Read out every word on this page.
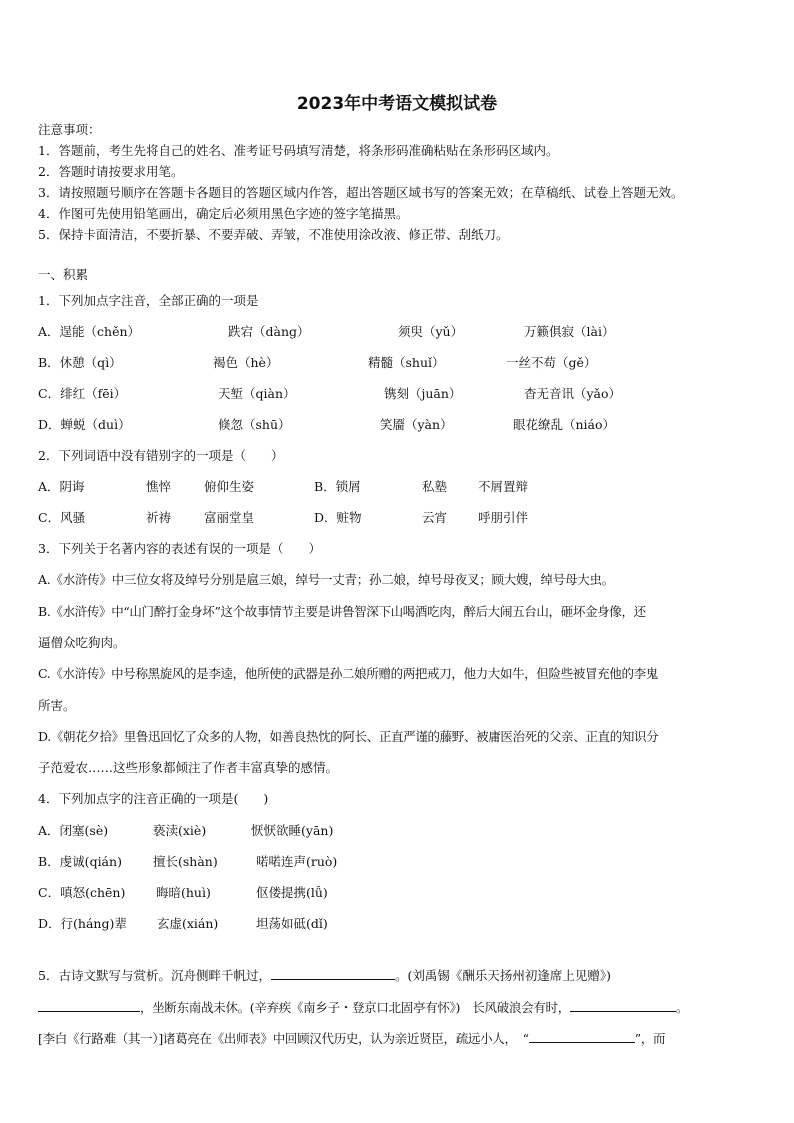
2023年中考语文模拟试卷
注意事项：
1．答题前，考生先将自己的姓名、准考证号码填写清楚，将条形码准确粘贴在条形码区域内。
2．答题时请按要求用笔。
3．请按照题号顺序在答题卡各题目的答题区域内作答，超出答题区域书写的答案无效；在草稿纸、试卷上答题无效。
4．作图可先使用铅笔画出，确定后必须用黑色字迹的签字笔描黑。
5．保持卡面清洁，不要折暴、不要弄破、弄皱，不准使用涂改液、修正带、刮纸刀。
一、积累
1．下列加点字注音，全部正确的一项是
A．逞能（chěn）	跌宕（dàng）	须臾（yǔ）	万籁俱寂（lài）
B．休憩（qì）	褐色（hè）	精髓（shuǐ）	一丝不苟（gě）
C．绯红（fēi）	天堑（qiàn）	镌刻（juān）	杳无音讯（yǎo）
D．蝉蜕（duì）	倏忽（shū）	笑靥（yàn）	眼花缭乱（niáo）
2．下列词语中没有错别字的一项是（　　）
A．阴诲	憔悴	俯仰生姿	B．锁屑	私塾 不屑置辩
C．风骚	祈祷	富丽堂皇	D．赃物	云宵 呼朋引伴
3．下列关于名著内容的表述有误的一项是（　　）
A.《水浒传》中三位女将及绰号分别是扈三娘，绰号一丈青；孙二娘，绰号母夜叉；顾大嫂，绰号母大虫。
B.《水浒传》中“山门醉打金身坏”这个故事情节主要是讲鲁智深下山喝酒吃肉，醉后大闹五台山，砸坏金身像，还
逼僧众吃狗肉。
C.《水浒传》中号称黑旋风的是李逵，他所使的武器是孙二娘所赠的两把戒刀，他力大如牛，但险些被冒充他的李鬼
所害。
D.《朝花夕拾》里鲁迅回忆了众多的人物，如善良热忱的阿长、正直严谨的藤野、被庸医治死的父亲、正直的知识分
子范爱农……这些形象都倾注了作者丰富真挚的感情。
4．下列加点字的注音正确的一项是(　　)
A．闭塞(sè)	亵渎(xiè)	恹恹欲睡(yān)
B．虔诚(qián) 擅长(shàn)	喏喏连声(ruò)
C．嗔怒(chēn) 晦暗(huì)	伛偻提携(lǚ)
D．行(háng)辈 玄虚(xián)	坦荡如砥(dǐ)
5．古诗文默写与赏析。沉舟侧畔千帆过，	。(刘禹锡《酬乐天扬州初逢席上见赠》)
，坐断东南战未休。(辛弃疾《南乡子・登京口北固亭有怀》)　长风破浪会有时，	。
[李白《行路难（其一）]诸葛亮在《出师表》中回顾汉代历史，认为亲近贤臣，疏远小人，　“	”，而
